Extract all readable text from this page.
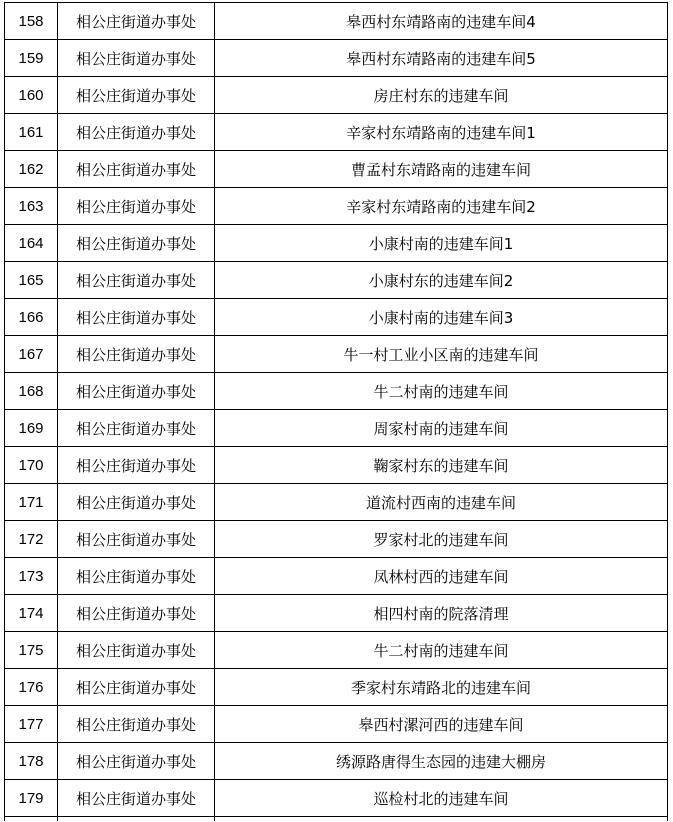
158	相公庄街道办事处	皋西村东靖路南的违建车间4
159	相公庄街道办事处	皋西村东靖路南的违建车间5
160	相公庄街道办事处	房庄村东的违建车间
161	相公庄街道办事处	辛家村东靖路南的违建车间1
162	相公庄街道办事处	曹孟村东靖路南的违建车间
163	相公庄街道办事处	辛家村东靖路南的违建车间2
164	相公庄街道办事处	小康村南的违建车间1
165	相公庄街道办事处	小康村东的违建车间2
166	相公庄街道办事处	小康村南的违建车间3
167	相公庄街道办事处	牛一村工业小区南的违建车间
168	相公庄街道办事处	牛二村南的违建车间
169	相公庄街道办事处	周家村南的违建车间
170	相公庄街道办事处	鞠家村东的违建车间
171	相公庄街道办事处	道流村西南的违建车间
172	相公庄街道办事处	罗家村北的违建车间
173	相公庄街道办事处	凤林村西的违建车间
174	相公庄街道办事处	相四村南的院落清理
175	相公庄街道办事处	牛二村南的违建车间
176	相公庄街道办事处	季家村东靖路北的违建车间
177	相公庄街道办事处	皋西村漯河西的违建车间
178	相公庄街道办事处	绣源路唐得生态园的违建大棚房
179	相公庄街道办事处	巡检村北的违建车间
